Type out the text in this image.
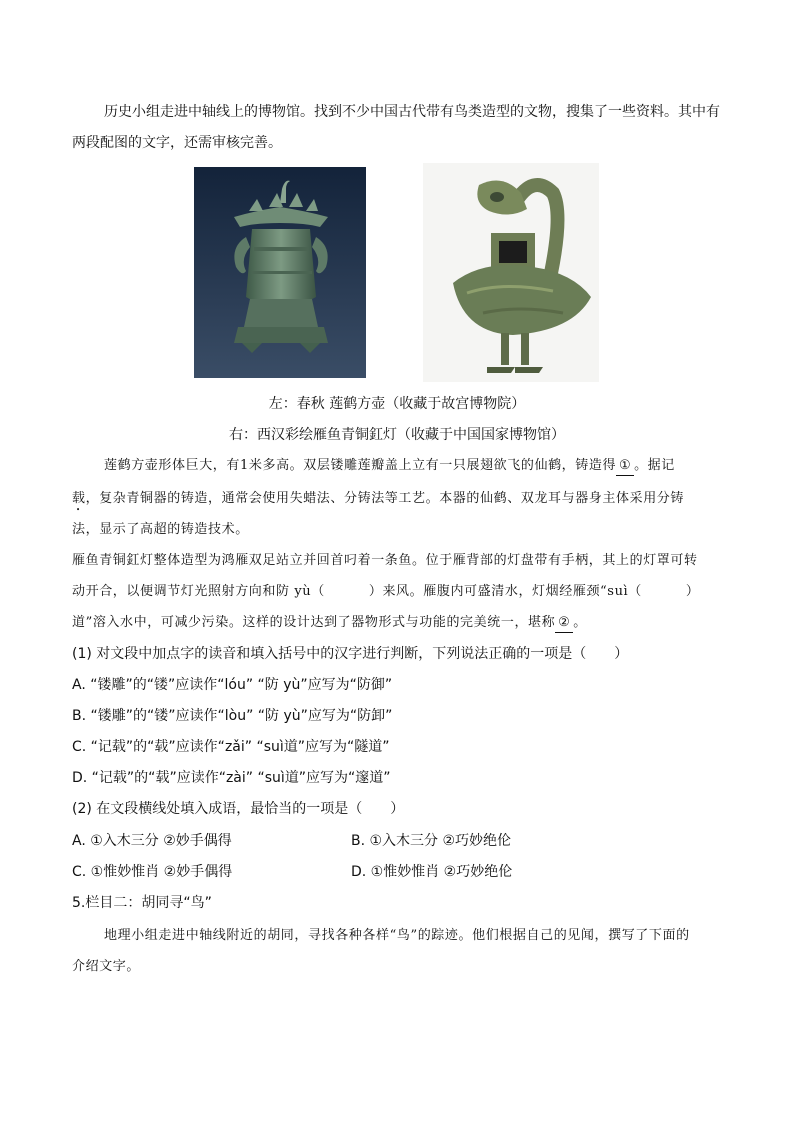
历史小组走进中轴线上的博物馆。找到不少中国古代带有鸟类造型的文物，搜集了一些资料。其中有
两段配图的文字，还需审核完善。
左：春秋 莲鹤方壶（收藏于故宫博物院）
右：西汉彩绘雁鱼青铜釭灯（收藏于中国国家博物馆）
莲鹤方壶形体巨大，有1米多高。双层镂雕莲瓣盖上立有一只展翅欲飞的仙鹤，铸造得 ① 。据记
载，复杂青铜器的铸造，通常会使用失蜡法、分铸法等工艺。本器的仙鹤、双龙耳与器身主体采用分铸
法，显示了高超的铸造技术。
雁鱼青铜釭灯整体造型为鸿雁双足站立并回首叼着一条鱼。位于雁背部的灯盘带有手柄，其上的灯罩可转
动开合，以便调节灯光照射方向和防 yù（	）来风。雁腹内可盛清水，灯烟经雁颈“suì（	）
道”溶入水中，可减少污染。这样的设计达到了器物形式与功能的完美统一，堪称 ② 。
(1) 对文段中加点字的读音和填入括号中的汉字进行判断，下列说法正确的一项是（　　）
A. “镂雕”的“镂”应读作“lóu” “防 yù”应写为“防御”
B. “镂雕”的“镂”应读作“lòu” “防 yù”应写为“防卸”
C. “记载”的“载”应读作“zǎi” “suì道”应写为“隧道”
D. “记载”的“载”应读作“zài” “suì道”应写为“邃道”
(2) 在文段横线处填入成语，最恰当的一项是（　　）
A. ①入木三分 ②妙手偶得	B. ①入木三分 ②巧妙绝伦
C. ①惟妙惟肖 ②妙手偶得	D. ①惟妙惟肖 ②巧妙绝伦
5.栏目二：胡同寻“鸟”
地理小组走进中轴线附近的胡同，寻找各种各样“鸟”的踪迹。他们根据自己的见闻，撰写了下面的
介绍文字。
